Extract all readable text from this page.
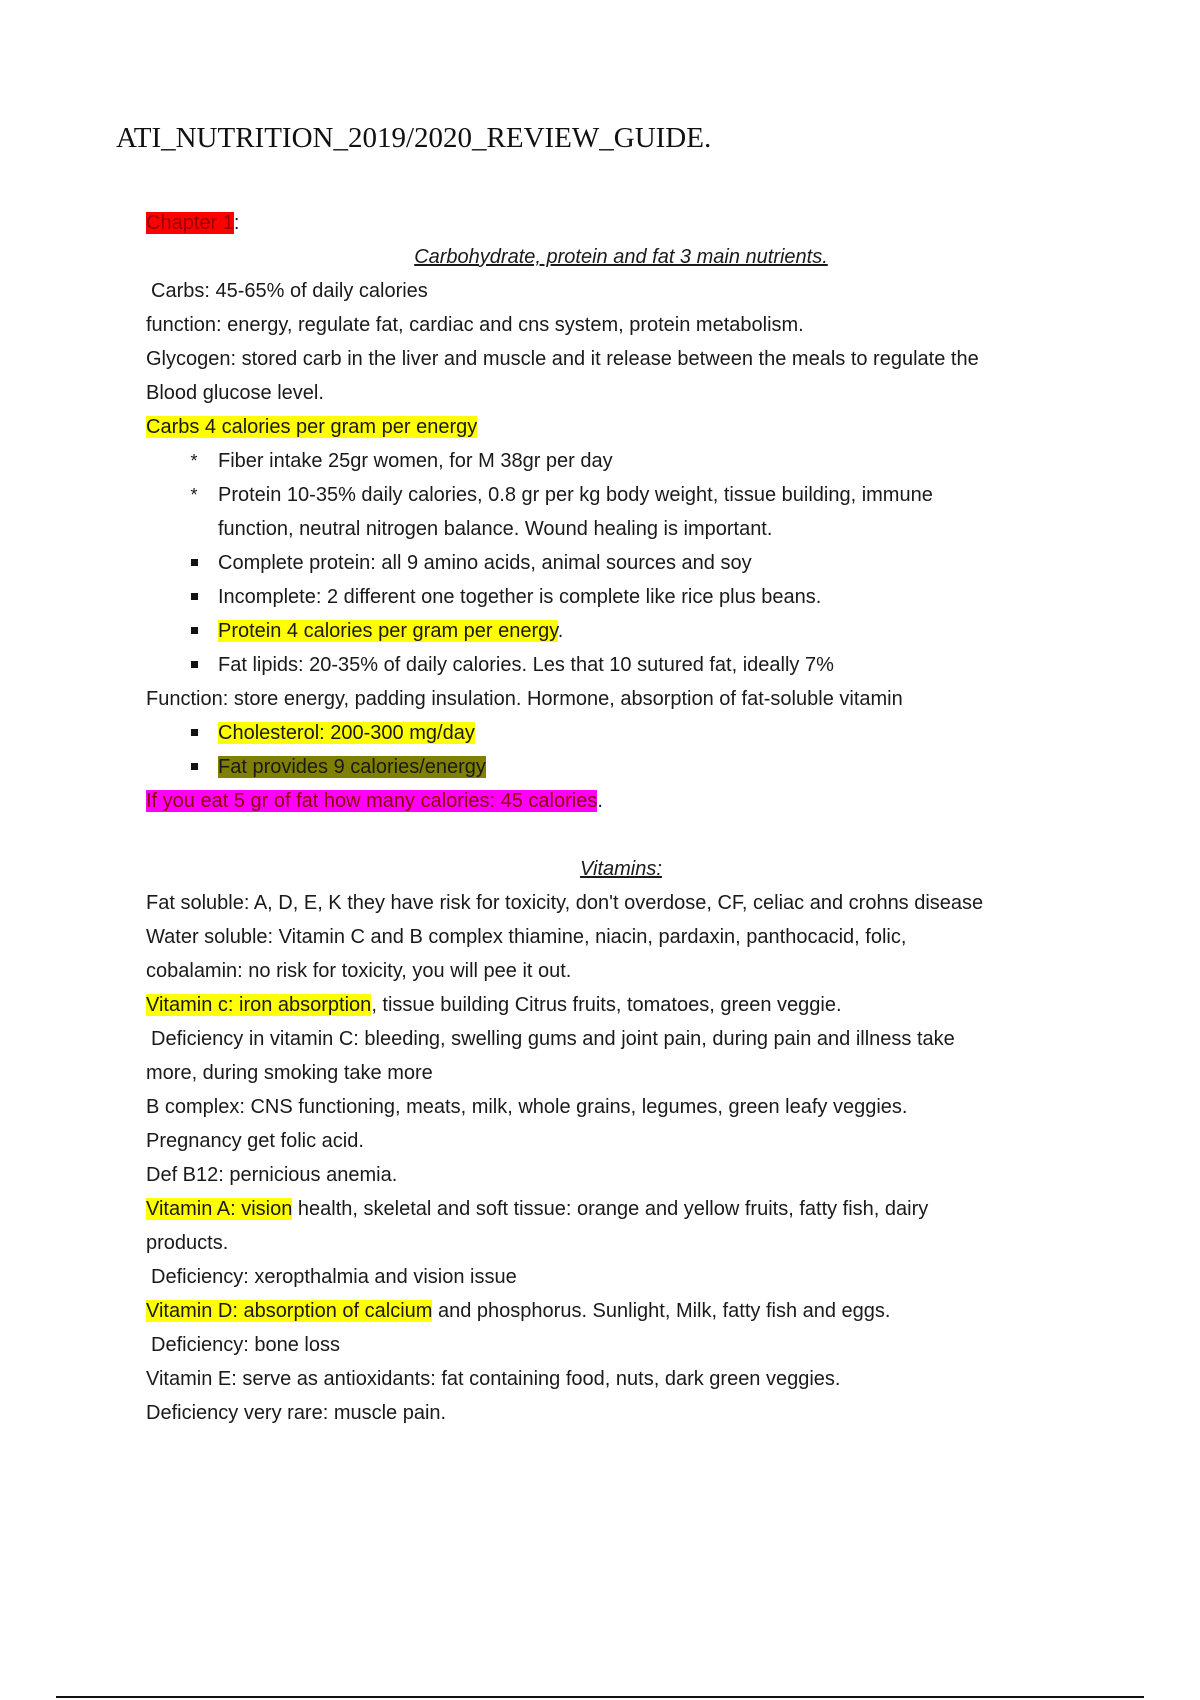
ATI_NUTRITION_2019/2020_REVIEW_GUIDE.

Chapter 1:

Carbohydrate, protein and fat 3 main nutrients.

Carbs: 45-65% of daily calories

function: energy, regulate fat, cardiac and cns system, protein metabolism.

Glycogen: stored carb in the liver and muscle and it release between the meals to regulate the

Blood glucose level.

Carbs 4 calories per gram per energy

*	Fiber intake 25gr women, for M 38gr per day
*	Protein 10-35% daily calories, 0.8 gr per kg body weight, tissue building, immune
function, neutral nitrogen balance. Wound healing is important.
Complete protein: all 9 amino acids, animal sources and soy
Incomplete: 2 different one together is complete like rice plus beans.
Protein 4 calories per gram per energy.
Fat lipids: 20-35% of daily calories. Les that 10 sutured fat, ideally 7%

Function: store energy, padding insulation. Hormone, absorption of fat-soluble vitamin

Cholesterol: 200-300 mg/day
Fat provides 9 calories/energy

If you eat 5 gr of fat how many calories: 45 calories.

Vitamins:

Fat soluble: A, D, E, K they have risk for toxicity, don't overdose, CF, celiac and crohns disease

Water soluble: Vitamin C and B complex thiamine, niacin, pardaxin, panthocacid, folic,

cobalamin: no risk for toxicity, you will pee it out.

Vitamin c: iron absorption, tissue building Citrus fruits, tomatoes, green veggie.

Deficiency in vitamin C: bleeding, swelling gums and joint pain, during pain and illness take

more, during smoking take more

B complex: CNS functioning, meats, milk, whole grains, legumes, green leafy veggies.

Pregnancy get folic acid.

Def B12: pernicious anemia.

Vitamin A: vision health, skeletal and soft tissue: orange and yellow fruits, fatty fish, dairy

products.

Deficiency: xeropthalmia and vision issue

Vitamin D: absorption of calcium and phosphorus. Sunlight, Milk, fatty fish and eggs.

Deficiency: bone loss

Vitamin E: serve as antioxidants: fat containing food, nuts, dark green veggies.

Deficiency very rare: muscle pain.
